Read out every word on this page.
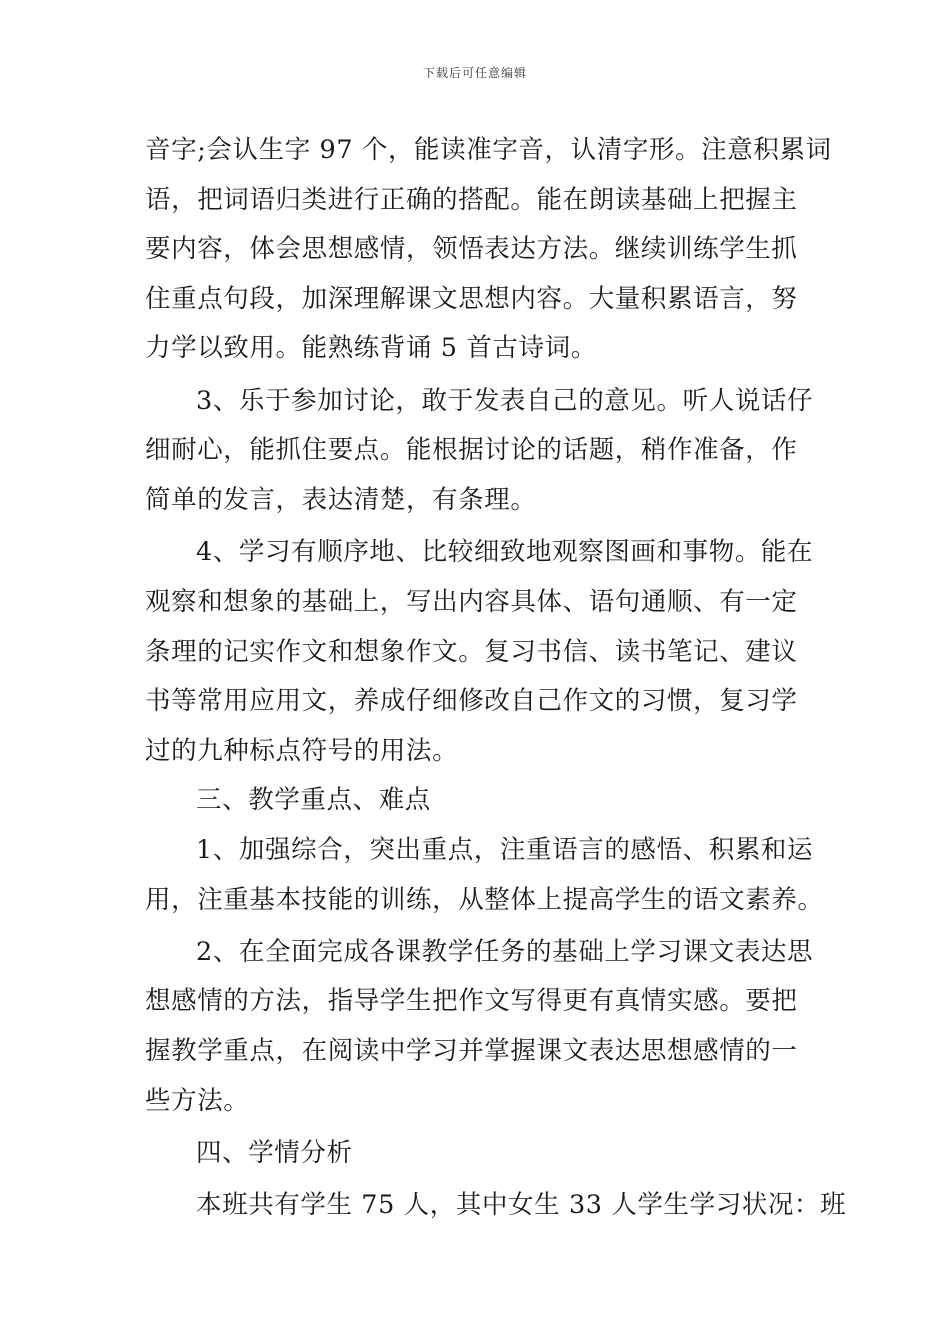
下载后可任意编辑
音字;会认生字 97 个，能读准字音，认清字形。注意积累词
语，把词语归类进行正确的搭配。能在朗读基础上把握主
要内容，体会思想感情，领悟表达方法。继续训练学生抓
住重点句段，加深理解课文思想内容。大量积累语言，努
力学以致用。能熟练背诵 5 首古诗词。
3、乐于参加讨论，敢于发表自己的意见。听人说话仔
细耐心，能抓住要点。能根据讨论的话题，稍作准备，作
简单的发言，表达清楚，有条理。
4、学习有顺序地、比较细致地观察图画和事物。能在
观察和想象的基础上，写出内容具体、语句通顺、有一定
条理的记实作文和想象作文。复习书信、读书笔记、建议
书等常用应用文，养成仔细修改自己作文的习惯，复习学
过的九种标点符号的用法。
三、教学重点、难点
1、加强综合，突出重点，注重语言的感悟、积累和运
用，注重基本技能的训练，从整体上提高学生的语文素养。
2、在全面完成各课教学任务的基础上学习课文表达思
想感情的方法，指导学生把作文写得更有真情实感。要把
握教学重点，在阅读中学习并掌握课文表达思想感情的一
些方法。
四、学情分析
本班共有学生 75 人，其中女生 33 人学生学习状况：班
